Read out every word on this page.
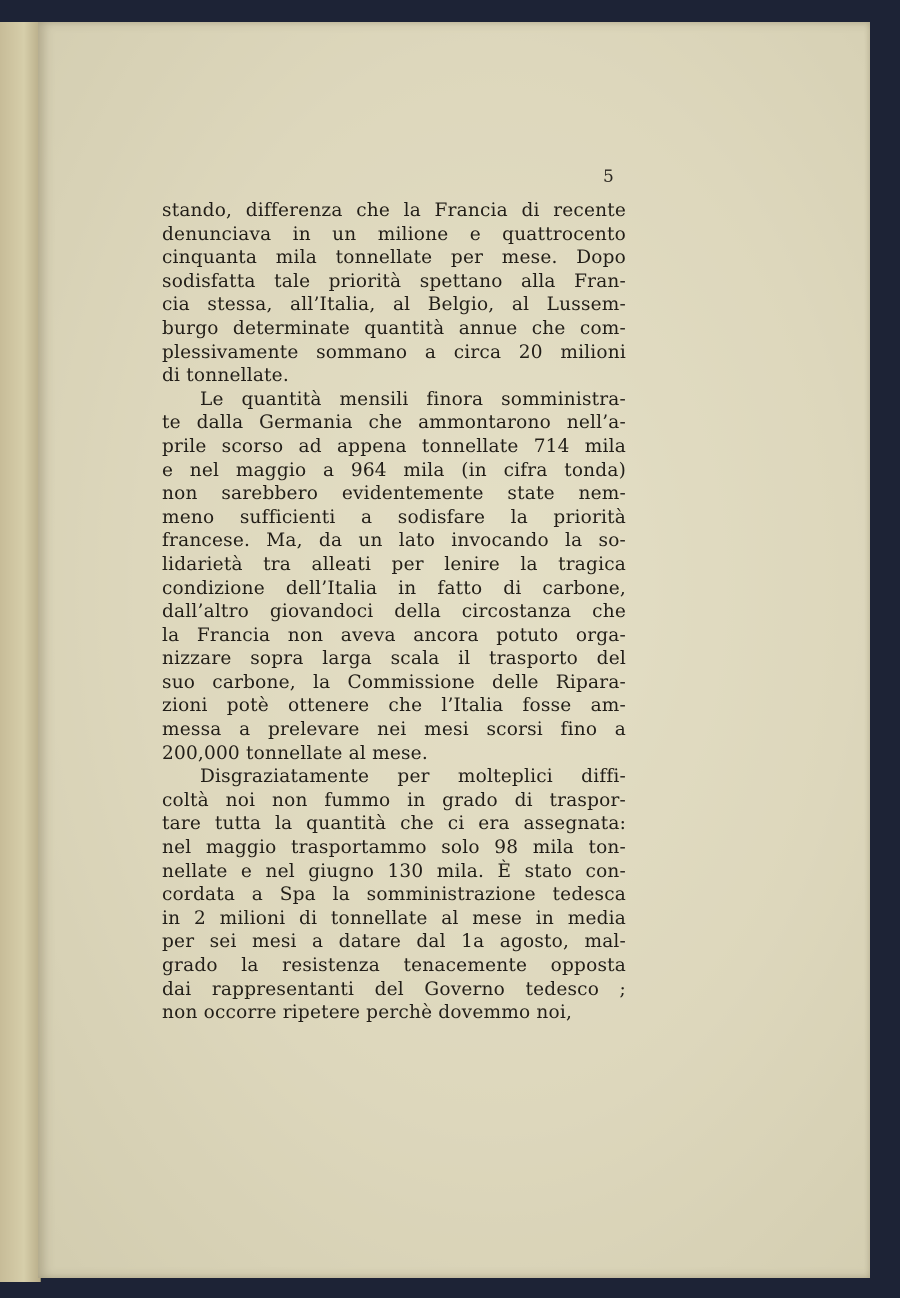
5
stando, differenza che la Francia di recente
denunciava in un milione e quattrocento
cinquanta mila tonnellate per mese. Dopo
sodisfatta tale priorità spettano alla Fran-
cia stessa, all’Italia, al Belgio, al Lussem-
burgo determinate quantità annue che com-
plessivamente sommano a circa 20 milioni
di tonnellate.
Le quantità mensili finora somministra-
te dalla Germania che ammontarono nell’a-
prile scorso ad appena tonnellate 714 mila
e nel maggio a 964 mila (in cifra tonda)
non sarebbero evidentemente state nem-
meno sufficienti a sodisfare la priorità
francese. Ma, da un lato invocando la so-
lidarietà tra alleati per lenire la tragica
condizione dell’Italia in fatto di carbone,
dall’altro giovandoci della circostanza che
la Francia non aveva ancora potuto orga-
nizzare sopra larga scala il trasporto del
suo carbone, la Commissione delle Ripara-
zioni potè ottenere che l’Italia fosse am-
messa a prelevare nei mesi scorsi fino a
200,000 tonnellate al mese.
Disgraziatamente per molteplici diffi-
coltà noi non fummo in grado di traspor-
tare tutta la quantità che ci era assegnata:
nel maggio trasportammo solo 98 mila ton-
nellate e nel giugno 130 mila. È stato con-
cordata a Spa la somministrazione tedesca
in 2 milioni di tonnellate al mese in media
per sei mesi a datare dal 1a agosto, mal-
grado la resistenza tenacemente opposta
dai rappresentanti del Governo tedesco ;
non occorre ripetere perchè dovemmo noi,
